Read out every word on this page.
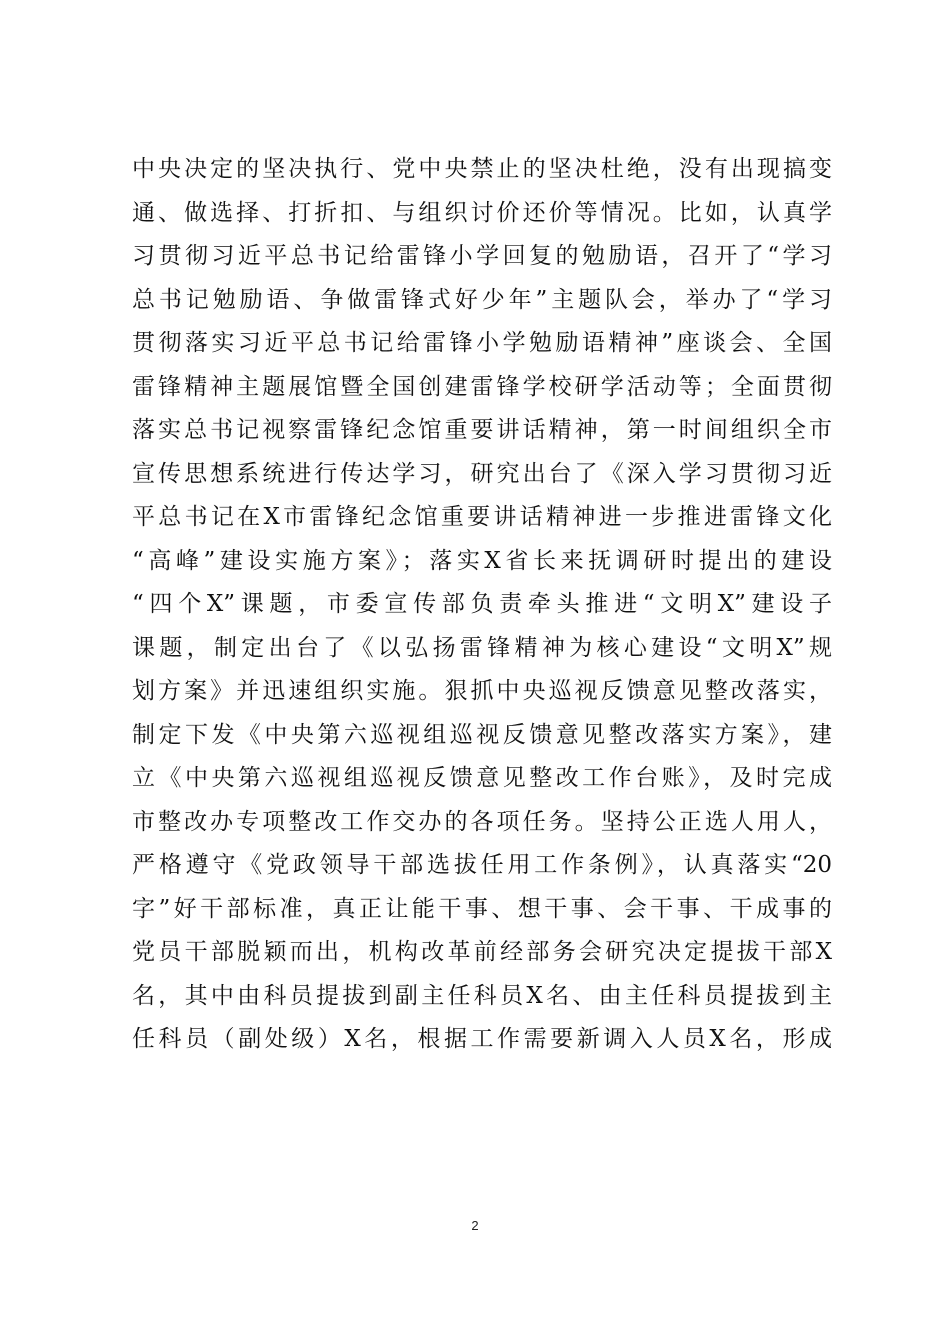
中央决定的坚决执行、党中央禁止的坚决杜绝，没有出现搞变
通、做选择、打折扣、与组织讨价还价等情况。比如，认真学
习贯彻习近平总书记给雷锋小学回复的勉励语，召开了“学习
总书记勉励语、争做雷锋式好少年”主题队会，举办了“学习
贯彻落实习近平总书记给雷锋小学勉励语精神”座谈会、全国
雷锋精神主题展馆暨全国创建雷锋学校研学活动等；全面贯彻
落实总书记视察雷锋纪念馆重要讲话精神，第一时间组织全市
宣传思想系统进行传达学习，研究出台了《深入学习贯彻习近
平总书记在X市雷锋纪念馆重要讲话精神进一步推进雷锋文化
“高峰”建设实施方案》；落实X省长来抚调研时提出的建设
“四个X”课题，市委宣传部负责牵头推进“文明X”建设子
课题，制定出台了《以弘扬雷锋精神为核心建设“文明X”规
划方案》并迅速组织实施。狠抓中央巡视反馈意见整改落实，
制定下发《中央第六巡视组巡视反馈意见整改落实方案》，建
立《中央第六巡视组巡视反馈意见整改工作台账》，及时完成
市整改办专项整改工作交办的各项任务。坚持公正选人用人，
严格遵守《党政领导干部选拔任用工作条例》，认真落实“20
字”好干部标准，真正让能干事、想干事、会干事、干成事的
党员干部脱颖而出，机构改革前经部务会研究决定提拔干部X
名，其中由科员提拔到副主任科员X名、由主任科员提拔到主
任科员（副处级）X名，根据工作需要新调入人员X名，形成
2
